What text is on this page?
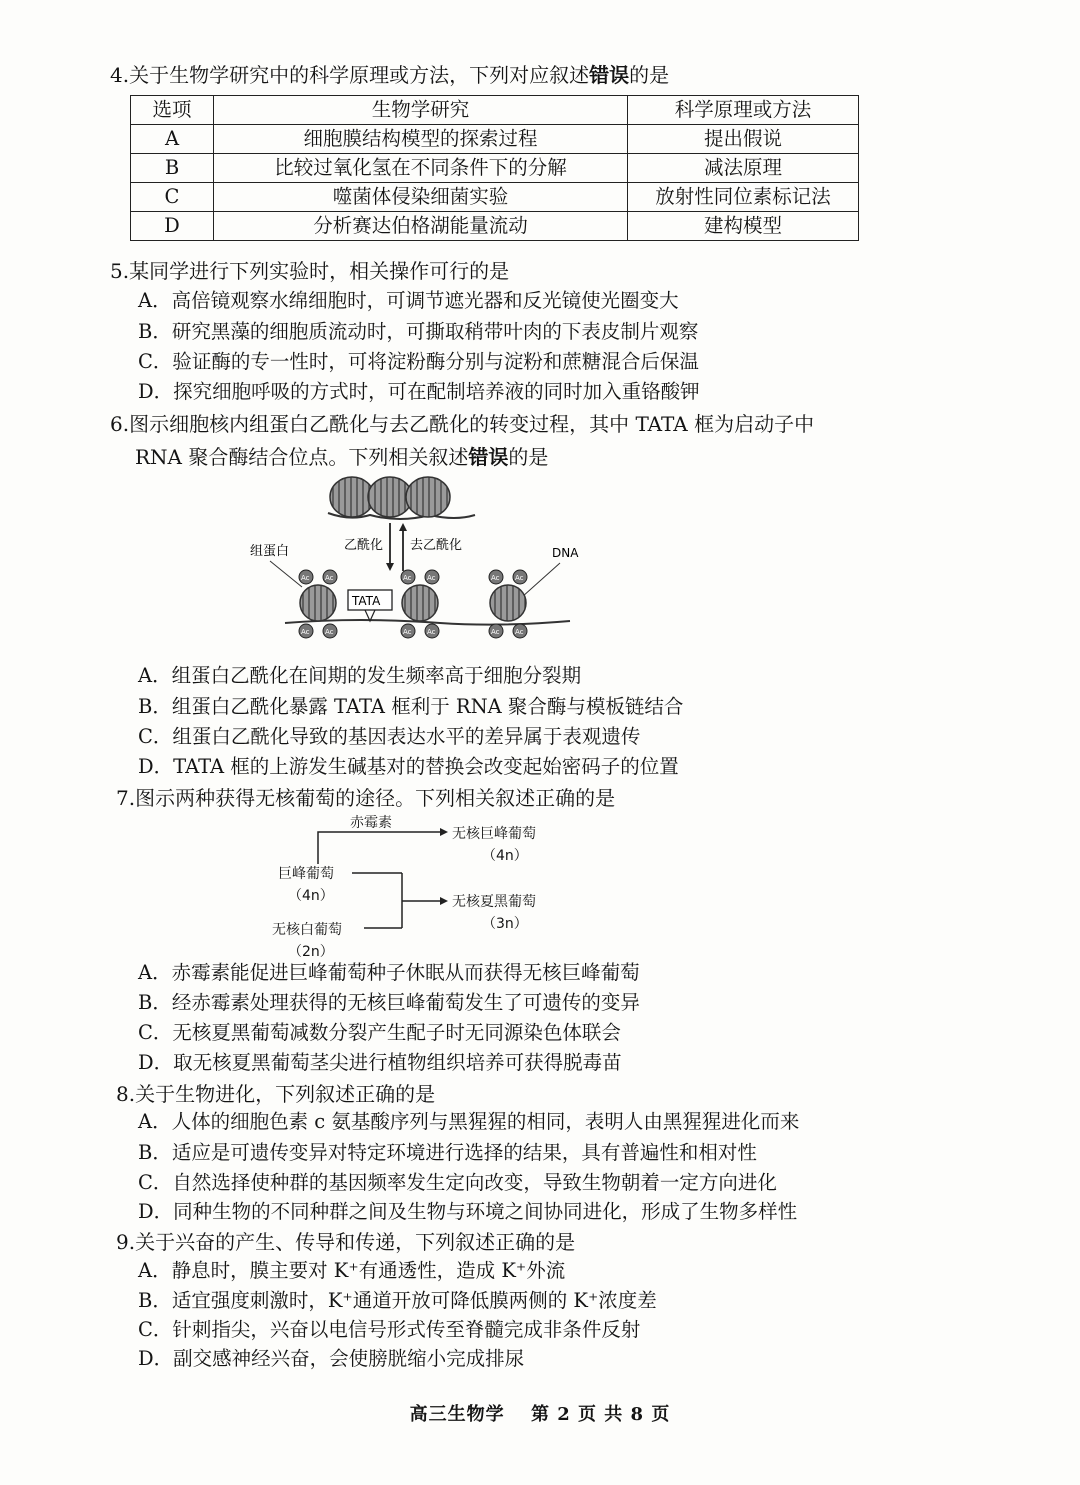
4.关于生物学研究中的科学原理或方法，下列对应叙述错误的是
选项	生物学研究	科学原理或方法
A	细胞膜结构模型的探索过程	提出假说
B	比较过氧化氢在不同条件下的分解	减法原理
C	噬菌体侵染细菌实验	放射性同位素标记法
D	分析赛达伯格湖能量流动	建构模型
5.某同学进行下列实验时，相关操作可行的是
A．高倍镜观察水绵细胞时，可调节遮光器和反光镜使光圈变大
B．研究黑藻的细胞质流动时，可撕取稍带叶肉的下表皮制片观察
C．验证酶的专一性时，可将淀粉酶分别与淀粉和蔗糖混合后保温
D．探究细胞呼吸的方式时，可在配制培养液的同时加入重铬酸钾
6.图示细胞核内组蛋白乙酰化与去乙酰化的转变过程，其中 TATA 框为启动子中
RNA 聚合酶结合位点。下列相关叙述错误的是
乙酰化 去乙酰化
组蛋白	DNA
TATA
Ac Ac
Ac Ac
Ac Ac
Ac Ac
Ac Ac
Ac Ac
A．组蛋白乙酰化在间期的发生频率高于细胞分裂期
B．组蛋白乙酰化暴露 TATA 框利于 RNA 聚合酶与模板链结合
C．组蛋白乙酰化导致的基因表达水平的差异属于表观遗传
D．TATA 框的上游发生碱基对的替换会改变起始密码子的位置
7.图示两种获得无核葡萄的途径。下列相关叙述正确的是
赤霉素
无核巨峰葡萄
（4n）
巨峰葡萄
（4n）	无核夏黑葡萄
（3n）
无核白葡萄
（2n）
A．赤霉素能促进巨峰葡萄种子休眠从而获得无核巨峰葡萄
B．经赤霉素处理获得的无核巨峰葡萄发生了可遗传的变异
C．无核夏黑葡萄减数分裂产生配子时无同源染色体联会
D．取无核夏黑葡萄茎尖进行植物组织培养可获得脱毒苗
8.关于生物进化，下列叙述正确的是
A．人体的细胞色素 c 氨基酸序列与黑猩猩的相同，表明人由黑猩猩进化而来
B．适应是可遗传变异对特定环境进行选择的结果，具有普遍性和相对性
C．自然选择使种群的基因频率发生定向改变，导致生物朝着一定方向进化
D．同种生物的不同种群之间及生物与环境之间协同进化，形成了生物多样性
9.关于兴奋的产生、传导和传递，下列叙述正确的是
A．静息时，膜主要对 K⁺有通透性，造成 K⁺外流
B．适宜强度刺激时，K⁺通道开放可降低膜两侧的 K⁺浓度差
C．针刺指尖，兴奋以电信号形式传至脊髓完成非条件反射
D．副交感神经兴奋，会使膀胱缩小完成排尿
高三生物学　 第 2 页 共 8 页
